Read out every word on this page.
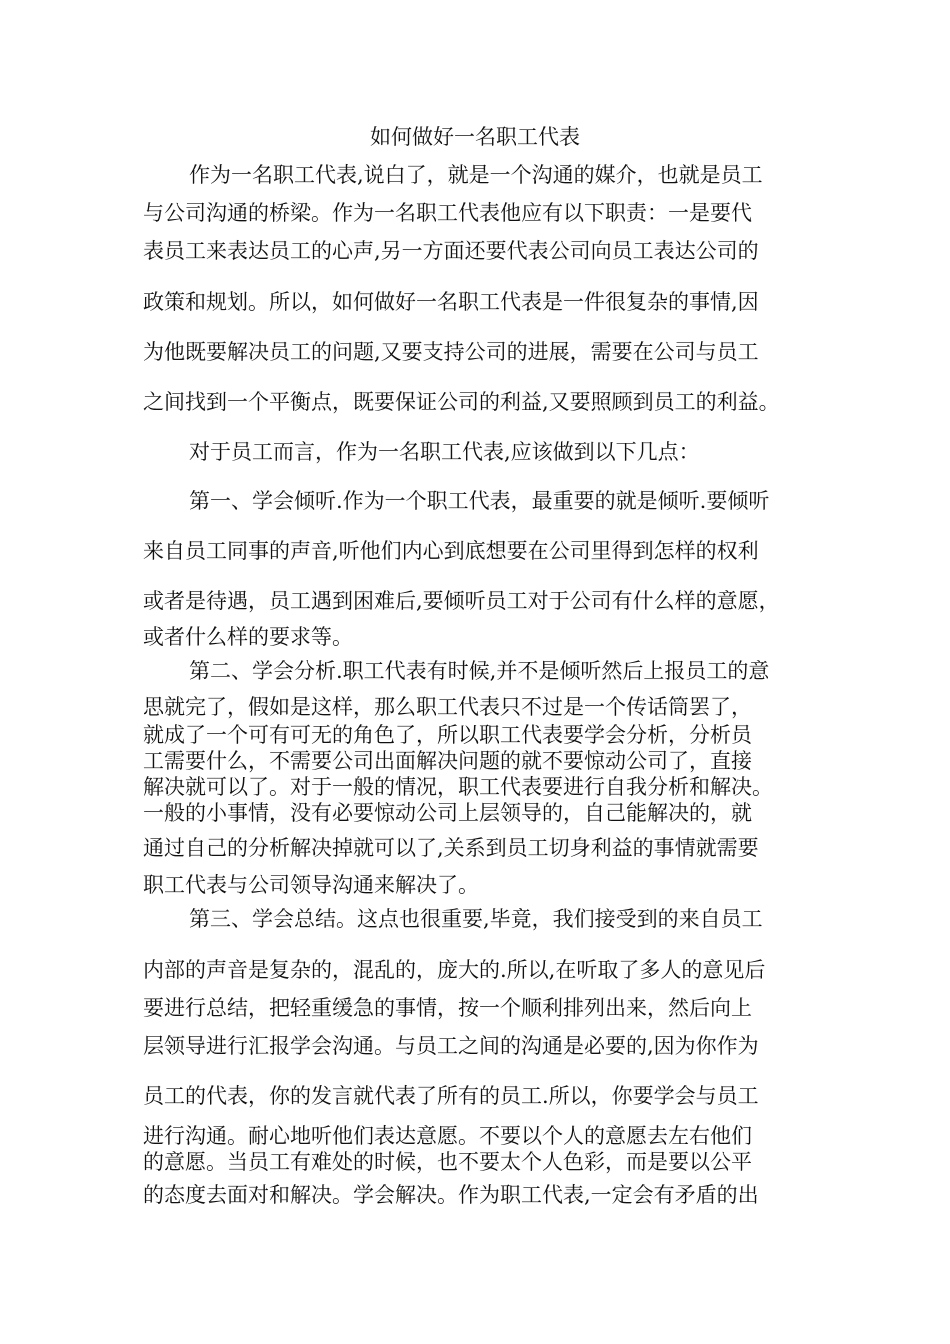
如何做好一名职工代表
作为一名职工代表,说白了，就是一个沟通的媒介，也就是员工
与公司沟通的桥梁。作为一名职工代表他应有以下职责：一是要代
表员工来表达员工的心声,另一方面还要代表公司向员工表达公司的
政策和规划。所以，如何做好一名职工代表是一件很复杂的事情,因
为他既要解决员工的问题,又要支持公司的进展，需要在公司与员工
之间找到一个平衡点，既要保证公司的利益,又要照顾到员工的利益。
对于员工而言，作为一名职工代表,应该做到以下几点：
第一、学会倾听.作为一个职工代表，最重要的就是倾听.要倾听
来自员工同事的声音,听他们内心到底想要在公司里得到怎样的权利
或者是待遇，员工遇到困难后,要倾听员工对于公司有什么样的意愿，
或者什么样的要求等。
第二、学会分析.职工代表有时候,并不是倾听然后上报员工的意
思就完了，假如是这样，那么职工代表只不过是一个传话筒罢了，
就成了一个可有可无的角色了，所以职工代表要学会分析，分析员
工需要什么，不需要公司出面解决问题的就不要惊动公司了，直接
解决就可以了。对于一般的情况，职工代表要进行自我分析和解决。
一般的小事情，没有必要惊动公司上层领导的，自己能解决的，就
通过自己的分析解决掉就可以了,关系到员工切身利益的事情就需要
职工代表与公司领导沟通来解决了。
第三、学会总结。这点也很重要,毕竟，我们接受到的来自员工
内部的声音是复杂的，混乱的，庞大的.所以,在听取了多人的意见后
要进行总结，把轻重缓急的事情，按一个顺利排列出来，然后向上
层领导进行汇报学会沟通。与员工之间的沟通是必要的,因为你作为
员工的代表，你的发言就代表了所有的员工.所以，你要学会与员工
进行沟通。耐心地听他们表达意愿。不要以个人的意愿去左右他们
的意愿。当员工有难处的时候，也不要太个人色彩，而是要以公平
的态度去面对和解决。学会解决。作为职工代表,一定会有矛盾的出
